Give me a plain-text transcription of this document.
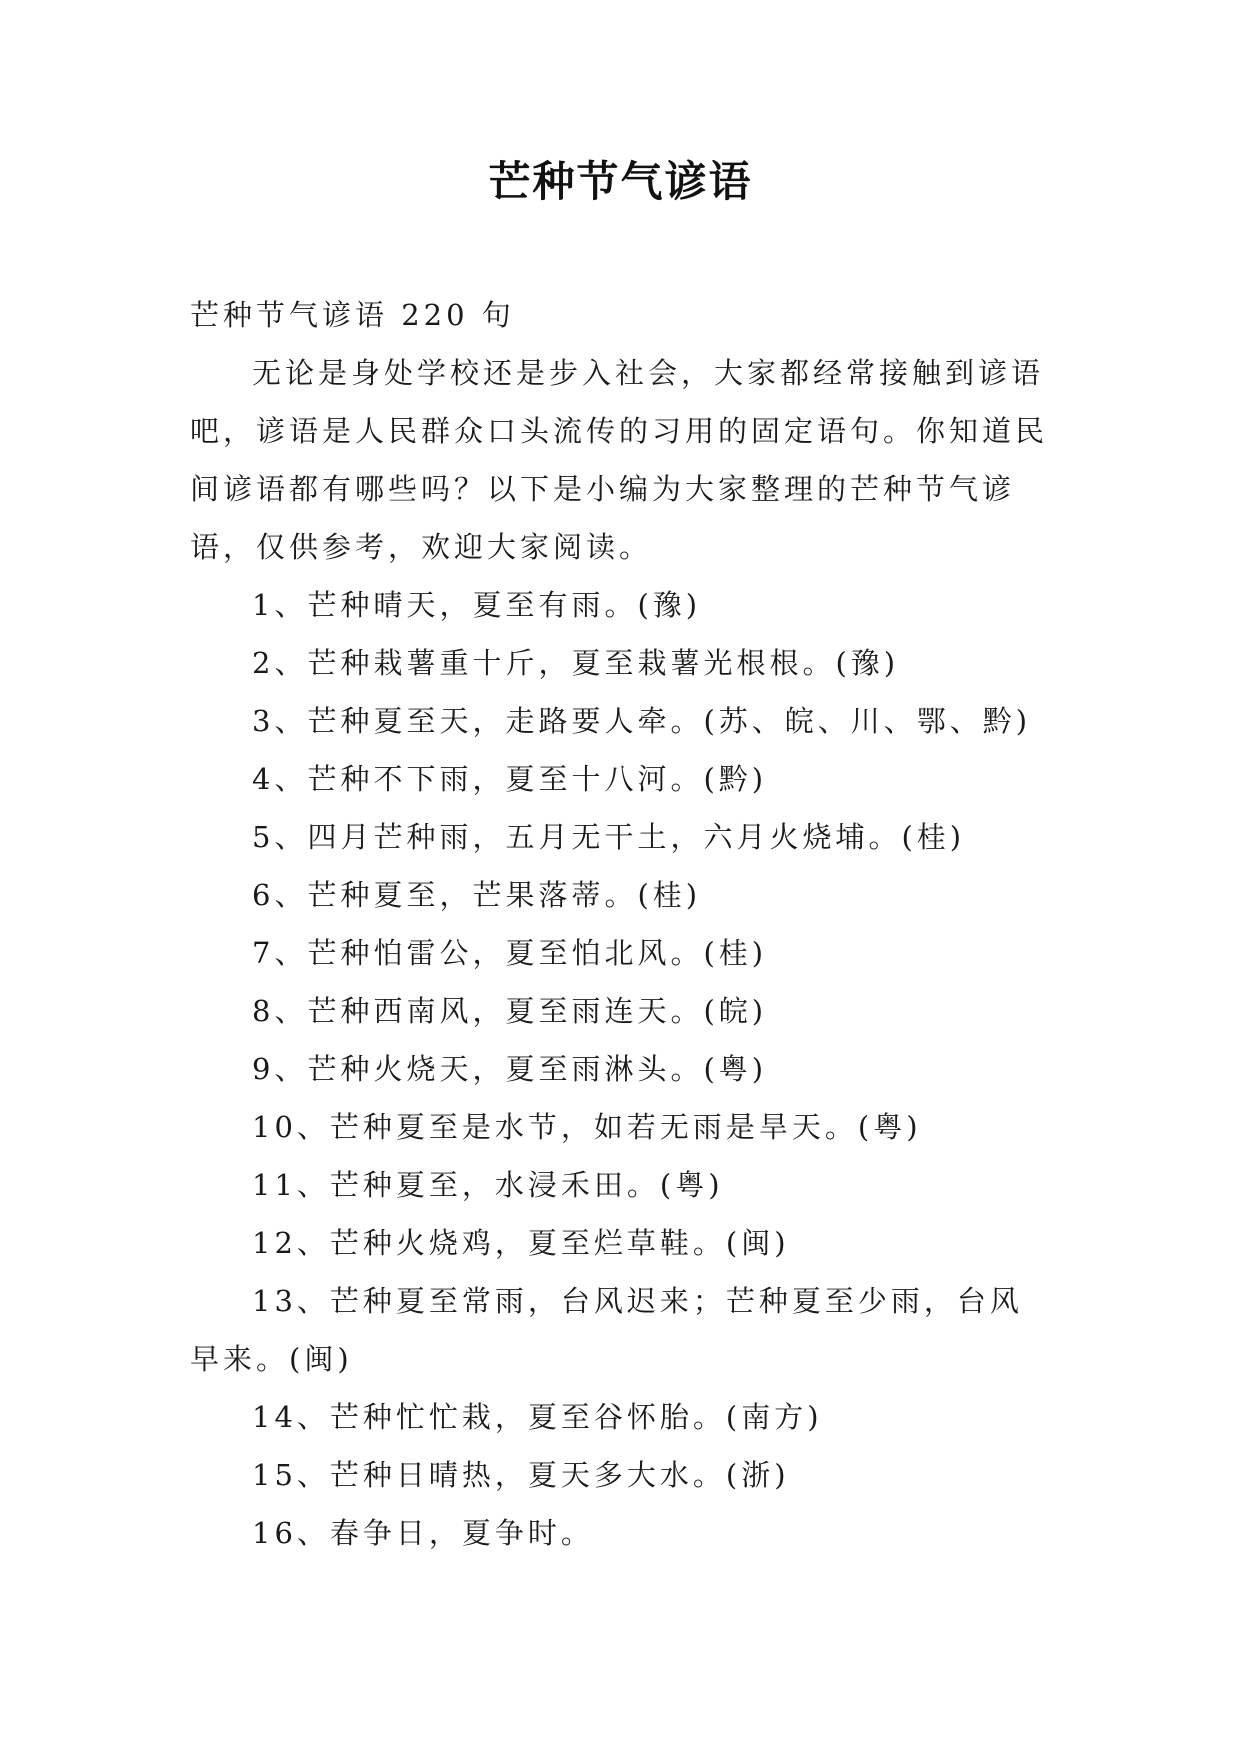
芒种节气谚语

芒种节气谚语 220 句

无论是身处学校还是步入社会，大家都经常接触到谚语吧，谚语是人民群众口头流传的习用的固定语句。你知道民间谚语都有哪些吗？以下是小编为大家整理的芒种节气谚语，仅供参考，欢迎大家阅读。

1、芒种晴天，夏至有雨。(豫)

2、芒种栽薯重十斤，夏至栽薯光根根。(豫)

3、芒种夏至天，走路要人牵。(苏、皖、川、鄂、黔)

4、芒种不下雨，夏至十八河。(黔)

5、四月芒种雨，五月无干土，六月火烧埔。(桂)

6、芒种夏至，芒果落蒂。(桂)

7、芒种怕雷公，夏至怕北风。(桂)

8、芒种西南风，夏至雨连天。(皖)

9、芒种火烧天，夏至雨淋头。(粤)

10、芒种夏至是水节，如若无雨是旱天。(粤)

11、芒种夏至，水浸禾田。(粤)

12、芒种火烧鸡，夏至烂草鞋。(闽)

13、芒种夏至常雨，台风迟来；芒种夏至少雨，台风早来。(闽)

14、芒种忙忙栽，夏至谷怀胎。(南方)

15、芒种日晴热，夏天多大水。(浙)

16、春争日，夏争时。
